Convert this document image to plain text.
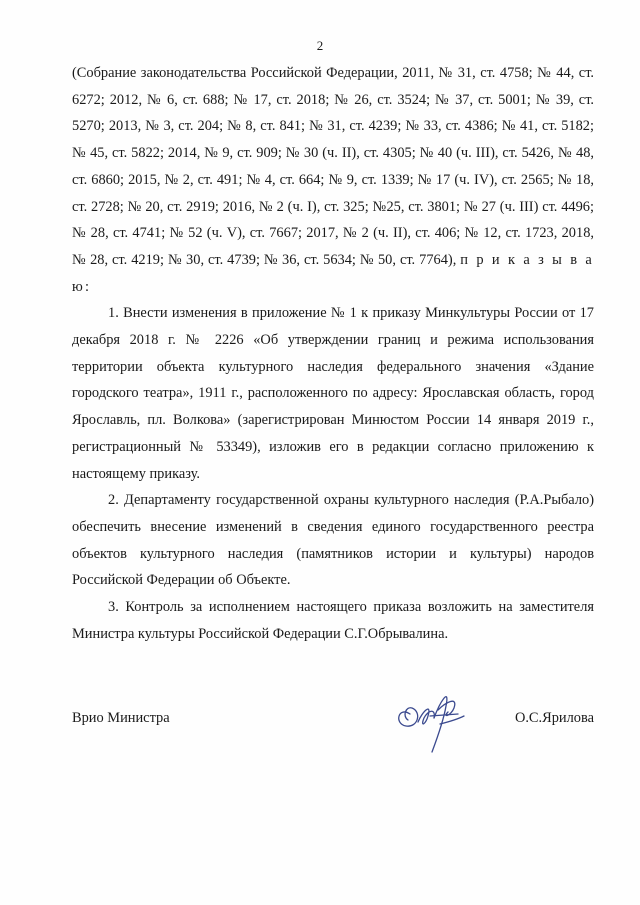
2

(Собрание законодательства Российской Федерации, 2011, № 31, ст. 4758; № 44, ст. 6272; 2012, № 6, ст. 688; № 17, ст. 2018; № 26, ст. 3524; № 37, ст. 5001; № 39, ст. 5270; 2013, № 3, ст. 204; № 8, ст. 841; № 31, ст. 4239; № 33, ст. 4386; № 41, ст. 5182; № 45, ст. 5822; 2014, № 9, ст. 909; № 30 (ч. II), ст. 4305; № 40 (ч. III), ст. 5426, № 48, ст. 6860; 2015, № 2, ст. 491; № 4, ст. 664; № 9, ст. 1339; № 17 (ч. IV), ст. 2565; № 18, ст. 2728; № 20, ст. 2919; 2016, № 2 (ч. I), ст. 325; №25, ст. 3801; № 27 (ч. III) ст. 4496; № 28, ст. 4741; № 52 (ч. V), ст. 7667; 2017, № 2 (ч. II), ст. 406; № 12, ст. 1723, 2018, № 28, ст. 4219; № 30, ст. 4739; № 36, ст. 5634; № 50, ст. 7764), п р и к а з ы в а ю:

1. Внести изменения в приложение № 1 к приказу Минкультуры России от 17 декабря 2018 г. № 2226 «Об утверждении границ и режима использования территории объекта культурного наследия федерального значения «Здание городского театра», 1911 г., расположенного по адресу: Ярославская область, город Ярославль, пл. Волкова» (зарегистрирован Минюстом России 14 января 2019 г., регистрационный № 53349), изложив его в редакции согласно приложению к настоящему приказу.

2. Департаменту государственной охраны культурного наследия (Р.А.Рыбало) обеспечить внесение изменений в сведения единого государственного реестра объектов культурного наследия (памятников истории и культуры) народов Российской Федерации об Объекте.

3. Контроль за исполнением настоящего приказа возложить на заместителя Министра культуры Российской Федерации С.Г.Обрывалина.

Врио Министра	О.С.Ярилова
